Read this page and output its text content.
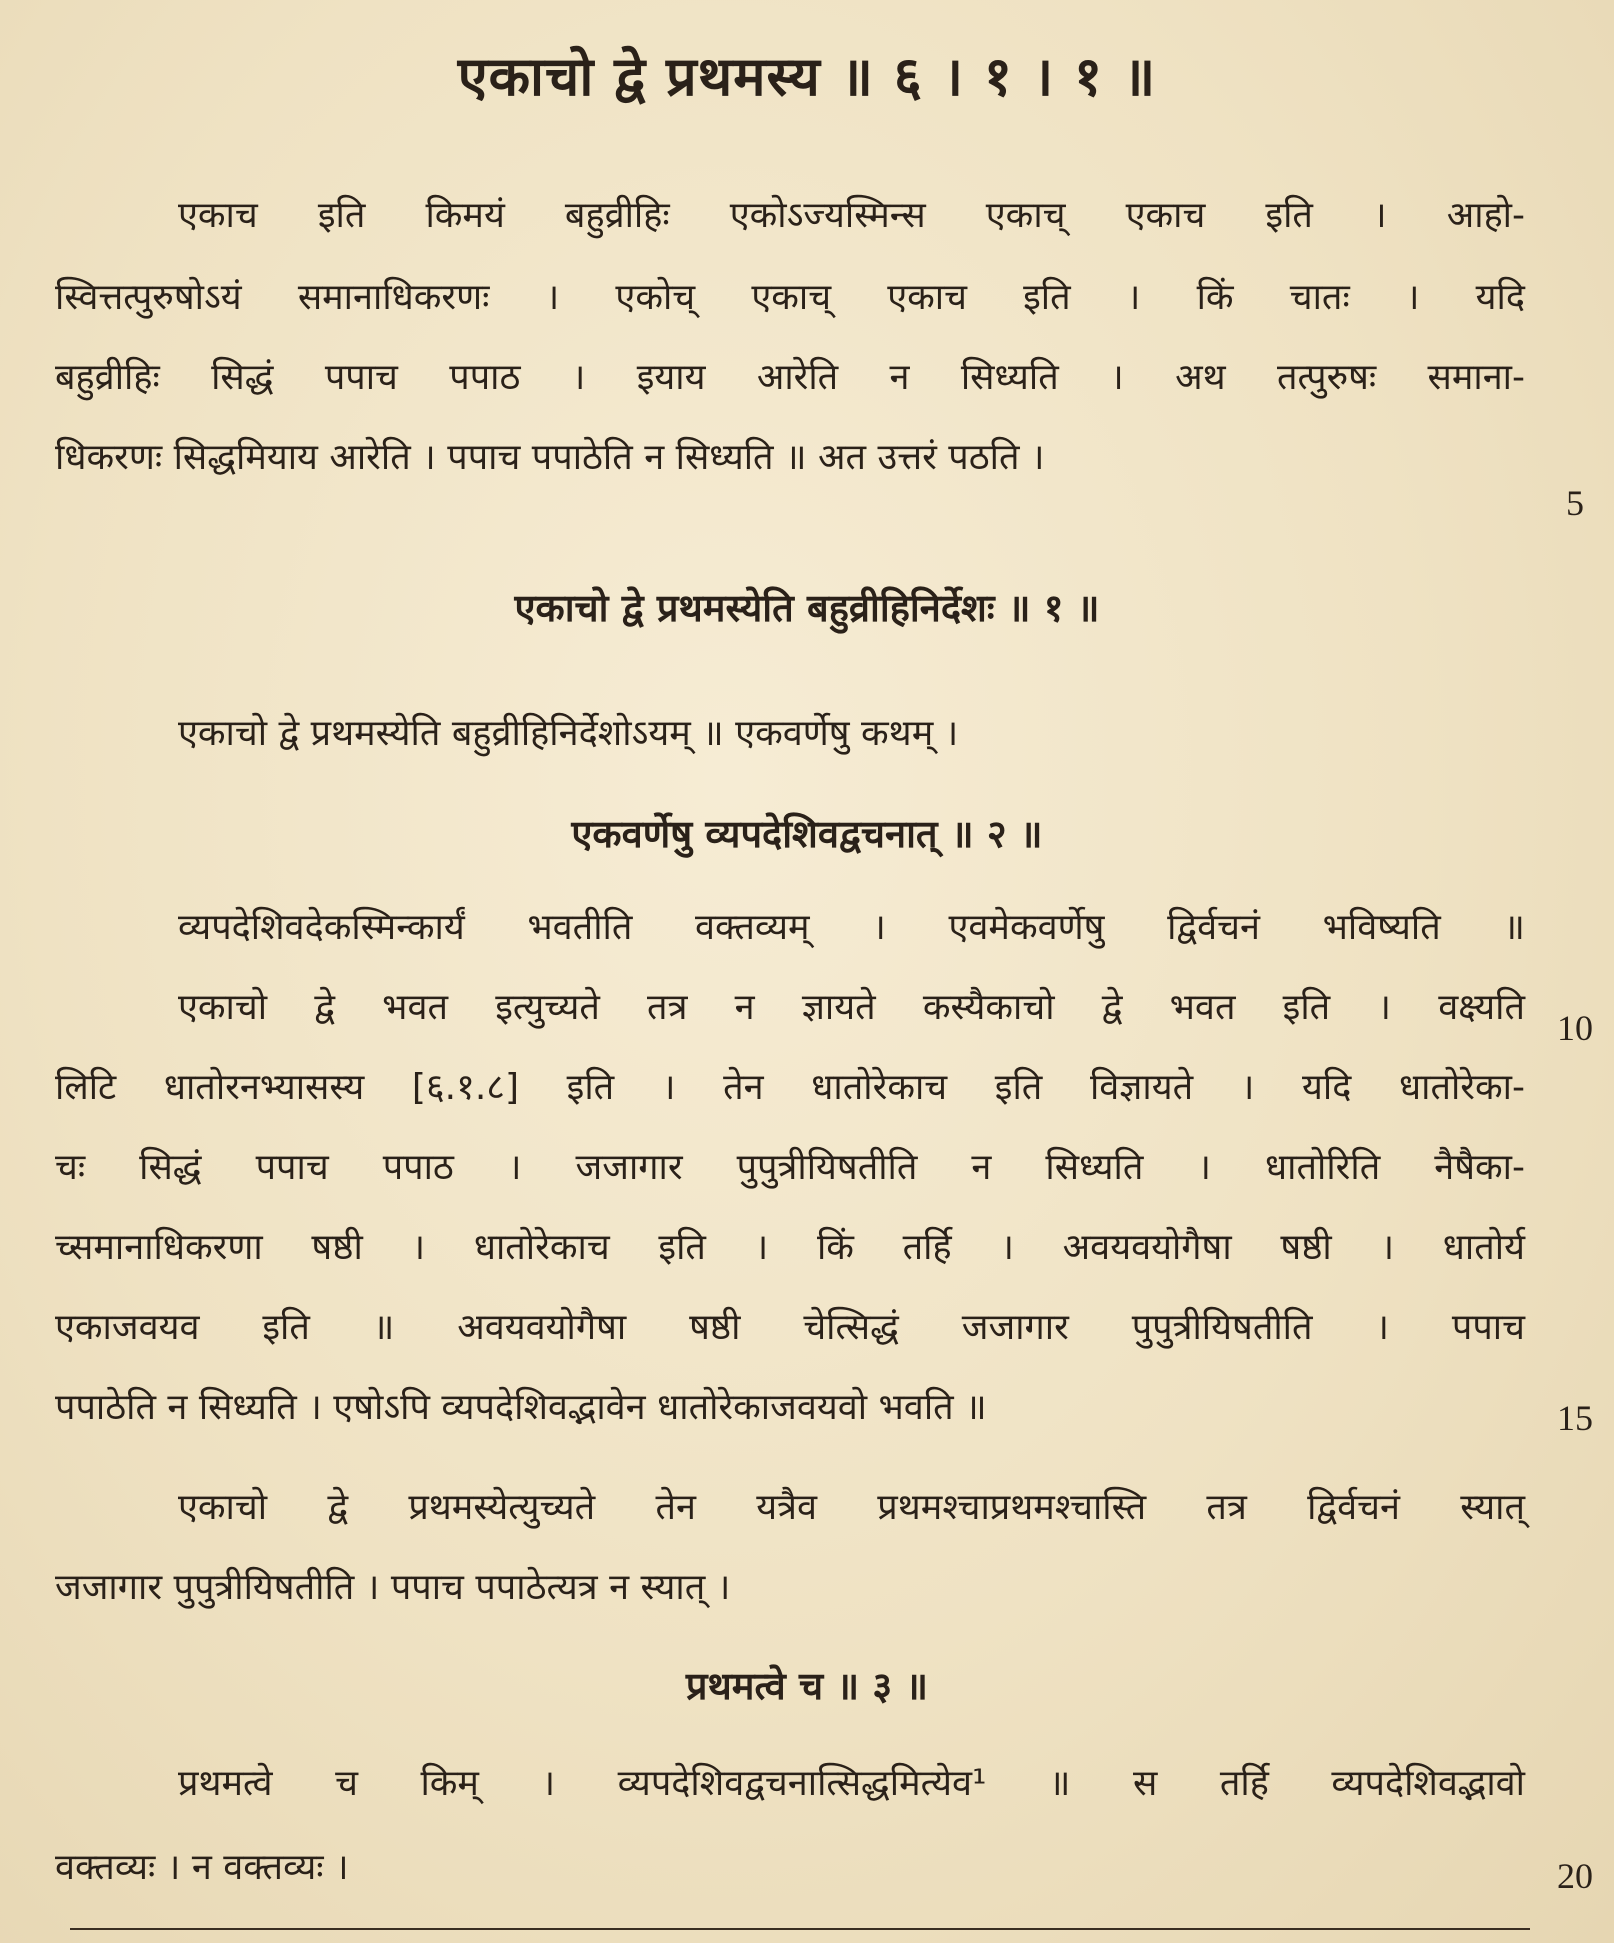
एकाचो द्वे प्रथमस्य ॥ ६ । १ । १ ॥
एकाच इति किमयं बहुव्रीहिः एकोऽज्यस्मिन्स एकाच् एकाच इति । आहो-
स्वित्तत्पुरुषोऽयं समानाधिकरणः । एकोच् एकाच् एकाच इति । किं चातः । यदि
बहुव्रीहिः सिद्धं पपाच पपाठ । इयाय आरेति न सिध्यति । अथ तत्पुरुषः समाना-
धिकरणः सिद्धमियाय आरेति । पपाच पपाठेति न सिध्यति ॥ अत उत्तरं पठति ।
5
एकाचो द्वे प्रथमस्येति बहुव्रीहिनिर्देशः ॥ १ ॥
एकाचो द्वे प्रथमस्येति बहुव्रीहिनिर्देशोऽयम् ॥ एकवर्णेषु कथम् ।
एकवर्णेषु व्यपदेशिवद्वचनात् ॥ २ ॥
व्यपदेशिवदेकस्मिन्कार्यं भवतीति वक्तव्यम् । एवमेकवर्णेषु द्विर्वचनं भविष्यति ॥
एकाचो द्वे भवत इत्युच्यते तत्र न ज्ञायते कस्यैकाचो द्वे भवत इति । वक्ष्यति 10
लिटि धातोरनभ्यासस्य [६.१.८] इति । तेन धातोरेकाच इति विज्ञायते । यदि धातोरेका-
चः सिद्धं पपाच पपाठ । जजागार पुपुत्रीयिषतीति न सिध्यति । धातोरिति नैषैका-
च्समानाधिकरणा षष्ठी । धातोरेकाच इति । किं तर्हि । अवयवयोगैषा षष्ठी । धातोर्य
एकाजवयव इति ॥ अवयवयोगैषा षष्ठी चेत्सिद्धं जजागार पुपुत्रीयिषतीति । पपाच
पपाठेति न सिध्यति । एषोऽपि व्यपदेशिवद्भावेन धातोरेकाजवयवो भवति ॥	15
एकाचो द्वे प्रथमस्येत्युच्यते तेन यत्रैव प्रथमश्चाप्रथमश्चास्ति तत्र द्विर्वचनं स्यात्
जजागार पुपुत्रीयिषतीति । पपाच पपाठेत्यत्र न स्यात् ।
प्रथमत्वे च ॥ ३ ॥
प्रथमत्वे च किम् । व्यपदेशिवद्वचनात्सिद्धमित्येव¹ ॥ स तर्हि व्यपदेशिवद्भावो
वक्तव्यः । न वक्तव्यः ।	20
